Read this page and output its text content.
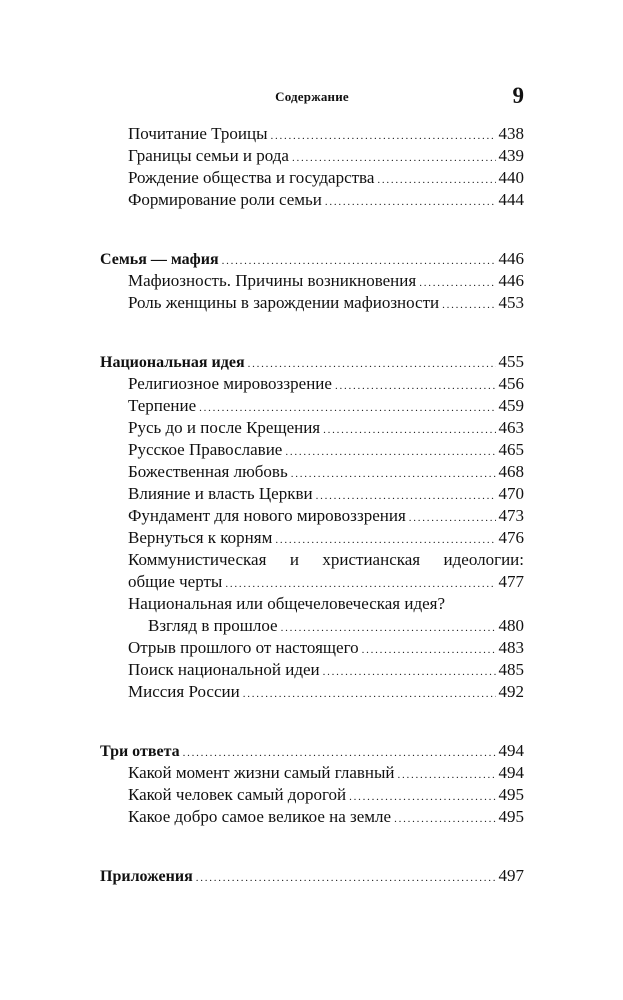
Содержание	9
Почитание Троицы . . .	438
Границы семьи и рода . . .	439
Рождение общества и государства . . .	440
Формирование роли семьи . . .	444
Семья — мафия . . .	446
Мафиозность. Причины возникновения . . .	446
Роль женщины в зарождении мафиозности . . .	453
Национальная идея . . .	455
Религиозное мировоззрение . . .	456
Терпение . . .	459
Русь до и после Крещения . . .	463
Русское Православие . . .	465
Божественная любовь . . .	468
Влияние и власть Церкви . . .	470
Фундамент для нового мировоззрения . . .	473
Вернуться к корням . . .	476
Коммунистическая и христианская идеологии:
общие черты . . .	477
Национальная или общечеловеческая идея?
Взгляд в прошлое . . .	480
Отрыв прошлого от настоящего . . .	483
Поиск национальной идеи . . .	485
Миссия России . . .	492
Три ответа . . .	494
Какой момент жизни самый главный . . .	494
Какой человек самый дорогой . . .	495
Какое добро самое великое на земле . . .	495
Приложения . . .	497
